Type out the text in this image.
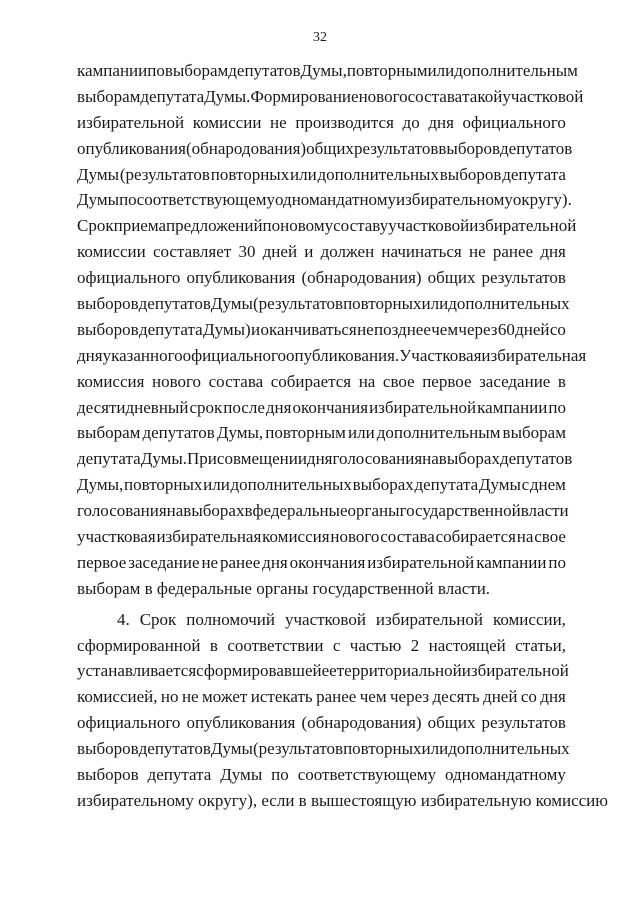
32
кампании по выборам депутатов Думы, повторным или дополнительным
выборам депутата Думы. Формирование нового состава такой участковой
избирательной комиссии не производится до дня официального
опубликования (обнародования) общих результатов выборов депутатов
Думы (результатов повторных или дополнительных выборов депутата
Думы по соответствующему одномандатному избирательному округу).
Срок приема предложений по новому составу участковой избирательной
комиссии составляет 30 дней и должен начинаться не ранее дня
официального опубликования (обнародования) общих результатов
выборов депутатов Думы (результатов повторных или дополнительных
выборов депутата Думы) и оканчиваться не позднее чем через 60 дней со
дня указанного официального опубликования. Участковая избирательная
комиссия нового состава собирается на свое первое заседание в
десятидневный срок после дня окончания избирательной кампании по
выборам депутатов Думы, повторным или дополнительным выборам
депутата Думы. При совмещении дня голосования на выборах депутатов
Думы, повторных или дополнительных выборах депутата Думы с днем
голосования на выборах в федеральные органы государственной власти
участковая избирательная комиссия нового состава собирается на свое
первое заседание не ранее дня окончания избирательной кампании по
выборам в федеральные органы государственной власти.
4. Срок полномочий участковой избирательной комиссии,
сформированной в соответствии с частью 2 настоящей статьи,
устанавливается сформировавшей ее территориальной избирательной
комиссией, но не может истекать ранее чем через десять дней со дня
официального опубликования (обнародования) общих результатов
выборов депутатов Думы (результатов повторных или дополнительных
выборов депутата Думы по соответствующему одномандатному
избирательному округу), если в вышестоящую избирательную комиссию
